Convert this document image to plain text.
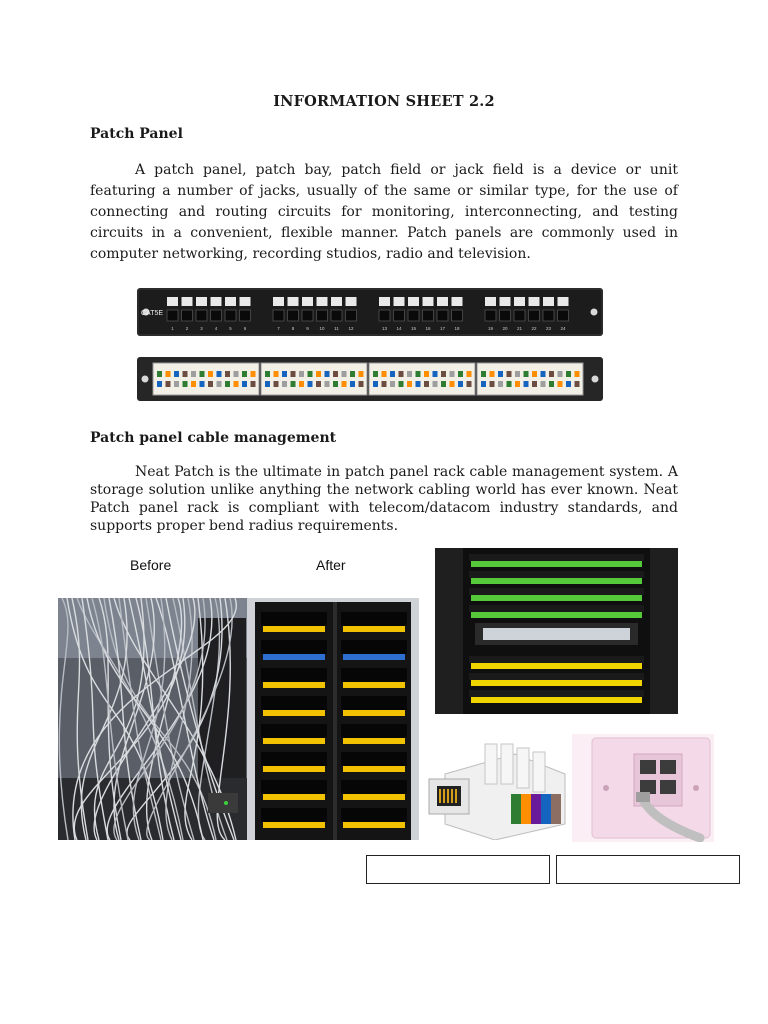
INFORMATION SHEET 2.2
Patch Panel
A patch panel, patch bay, patch field or jack field is a device or unit featuring a number of jacks, usually of the same or similar type, for the use of connecting and routing circuits for monitoring, interconnecting, and testing circuits in a convenient, flexible manner. Patch panels are commonly used in computer networking, recording studios, radio and television.
CAT5E
1	2	3	4	5	6	7	8	9 10 11 12	13 14 15 16 17 18	19 20 21 22 23 24
Patch panel cable management
Neat Patch is the ultimate in patch panel rack cable management system. A storage solution unlike anything the network cabling world has ever known. Neat Patch panel rack is compliant with telecom/datacom industry standards, and supports proper bend radius requirements.
Before	After
